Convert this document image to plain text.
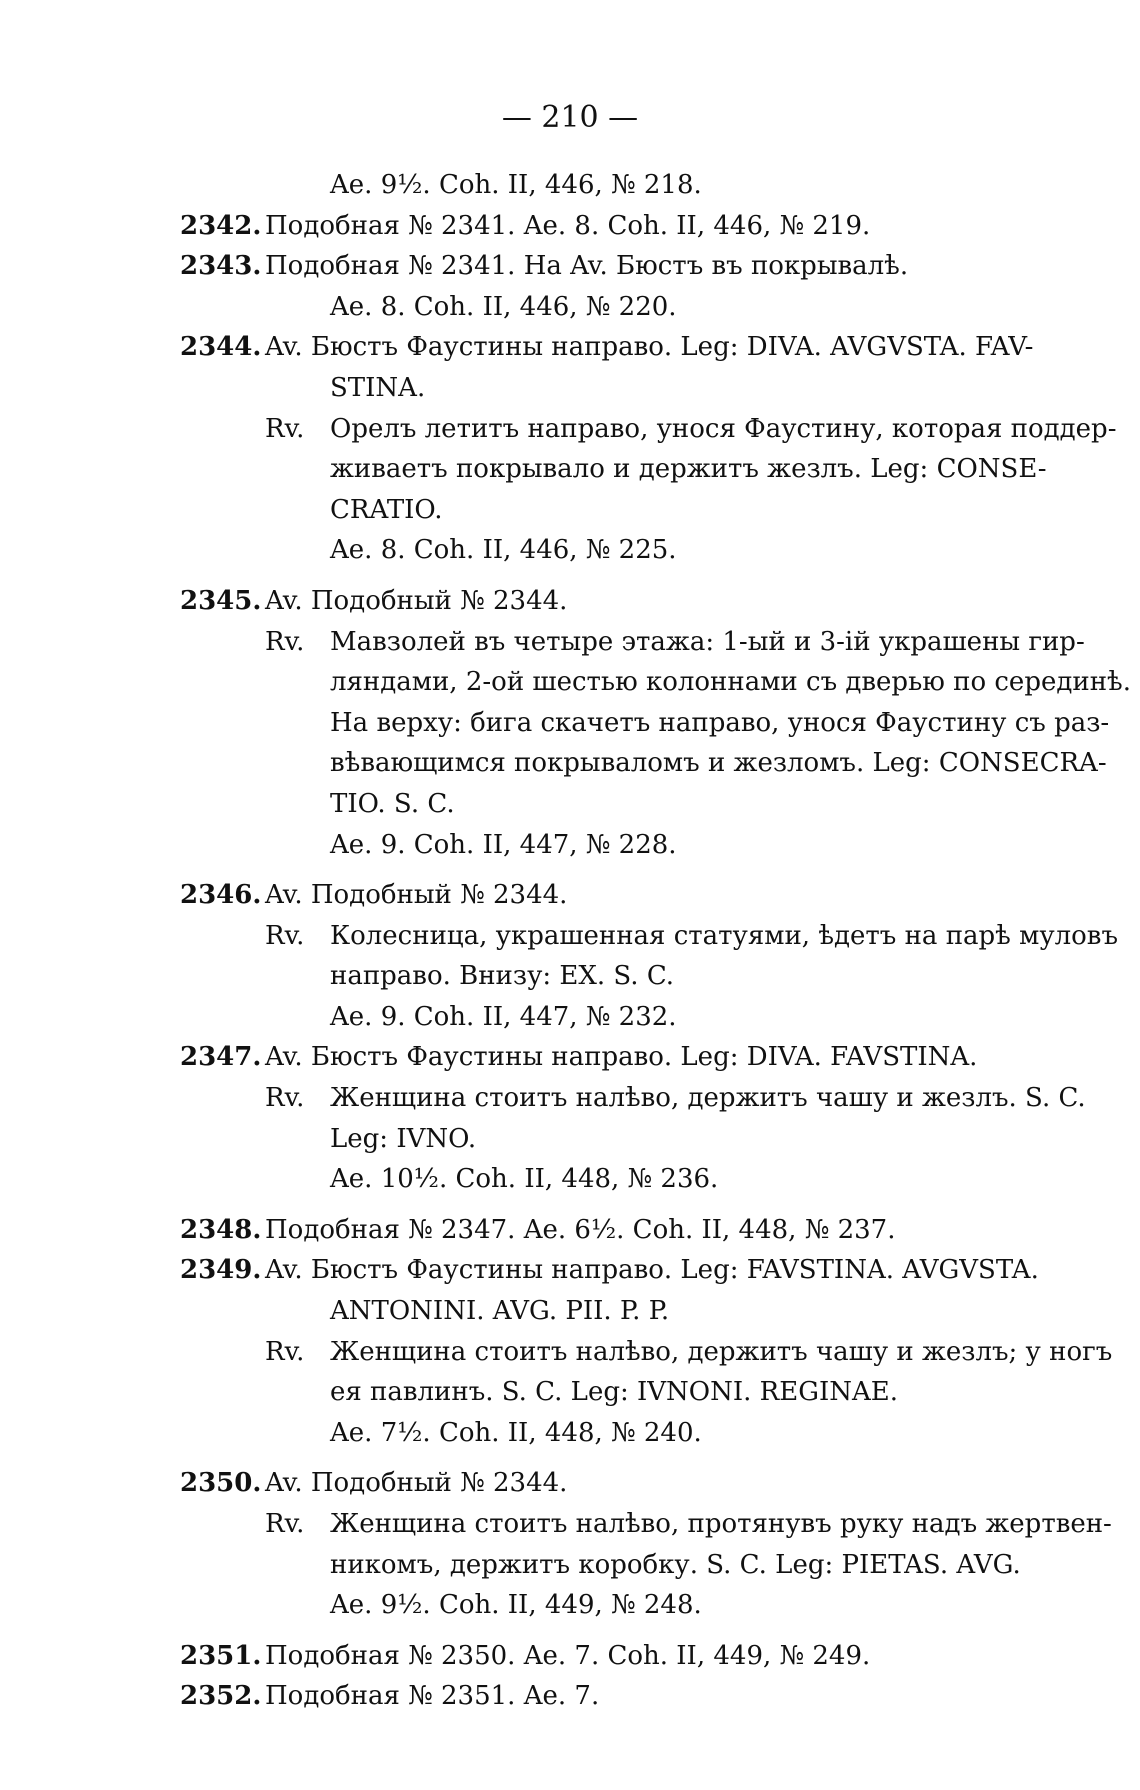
— 210 —
Ae. 9½. Coh. II, 446, № 218.
2342. Подобная № 2341. Ae. 8. Coh. II, 446, № 219.
2343. Подобная № 2341. На Av. Бюстъ въ покрывалѣ.
Ae. 8. Coh. II, 446, № 220.
2344. Av. Бюстъ Фаустины направо. Leg: DIVA. AVGVSTA. FAV-
STINA.
Rv. Орелъ летитъ направо, унося Фаустину, которая поддер-
живаетъ покрывало и держитъ жезлъ. Leg: CONSE-
CRATIO.
Ae. 8. Coh. II, 446, № 225.
2345. Av. Подобный № 2344.
Rv. Мавзолей въ четыре этажа: 1-ый и 3-ій украшены гир-
ляндами, 2-ой шестью колоннами съ дверью по серединѣ.
На верху: бига скачетъ направо, унося Фаустину съ раз-
вѣвающимся покрываломъ и жезломъ. Leg: CONSECRA-
TIO. S. C.
Ae. 9. Coh. II, 447, № 228.
2346. Av. Подобный № 2344.
Rv. Колесница, украшенная статуями, ѣдетъ на парѣ муловъ
направо. Внизу: EX. S. C.
Ae. 9. Coh. II, 447, № 232.
2347. Av. Бюстъ Фаустины направо. Leg: DIVA. FAVSTINA.
Rv. Женщина стоитъ налѣво, держитъ чашу и жезлъ. S. C.
Leg: IVNO.
Ae. 10½. Coh. II, 448, № 236.
2348. Подобная № 2347. Ae. 6½. Coh. II, 448, № 237.
2349. Av. Бюстъ Фаустины направо. Leg: FAVSTINA. AVGVSTA.
ANTONINI. AVG. PII. P. P.
Rv. Женщина стоитъ налѣво, держитъ чашу и жезлъ; у ногъ
ея павлинъ. S. C. Leg: IVNONI. REGINAE.
Ae. 7½. Coh. II, 448, № 240.
2350. Av. Подобный № 2344.
Rv. Женщина стоитъ налѣво, протянувъ руку надъ жертвен-
никомъ, держитъ коробку. S. C. Leg: PIETAS. AVG.
Ae. 9½. Coh. II, 449, № 248.
2351. Подобная № 2350. Ae. 7. Coh. II, 449, № 249.
2352. Подобная № 2351. Ae. 7.
